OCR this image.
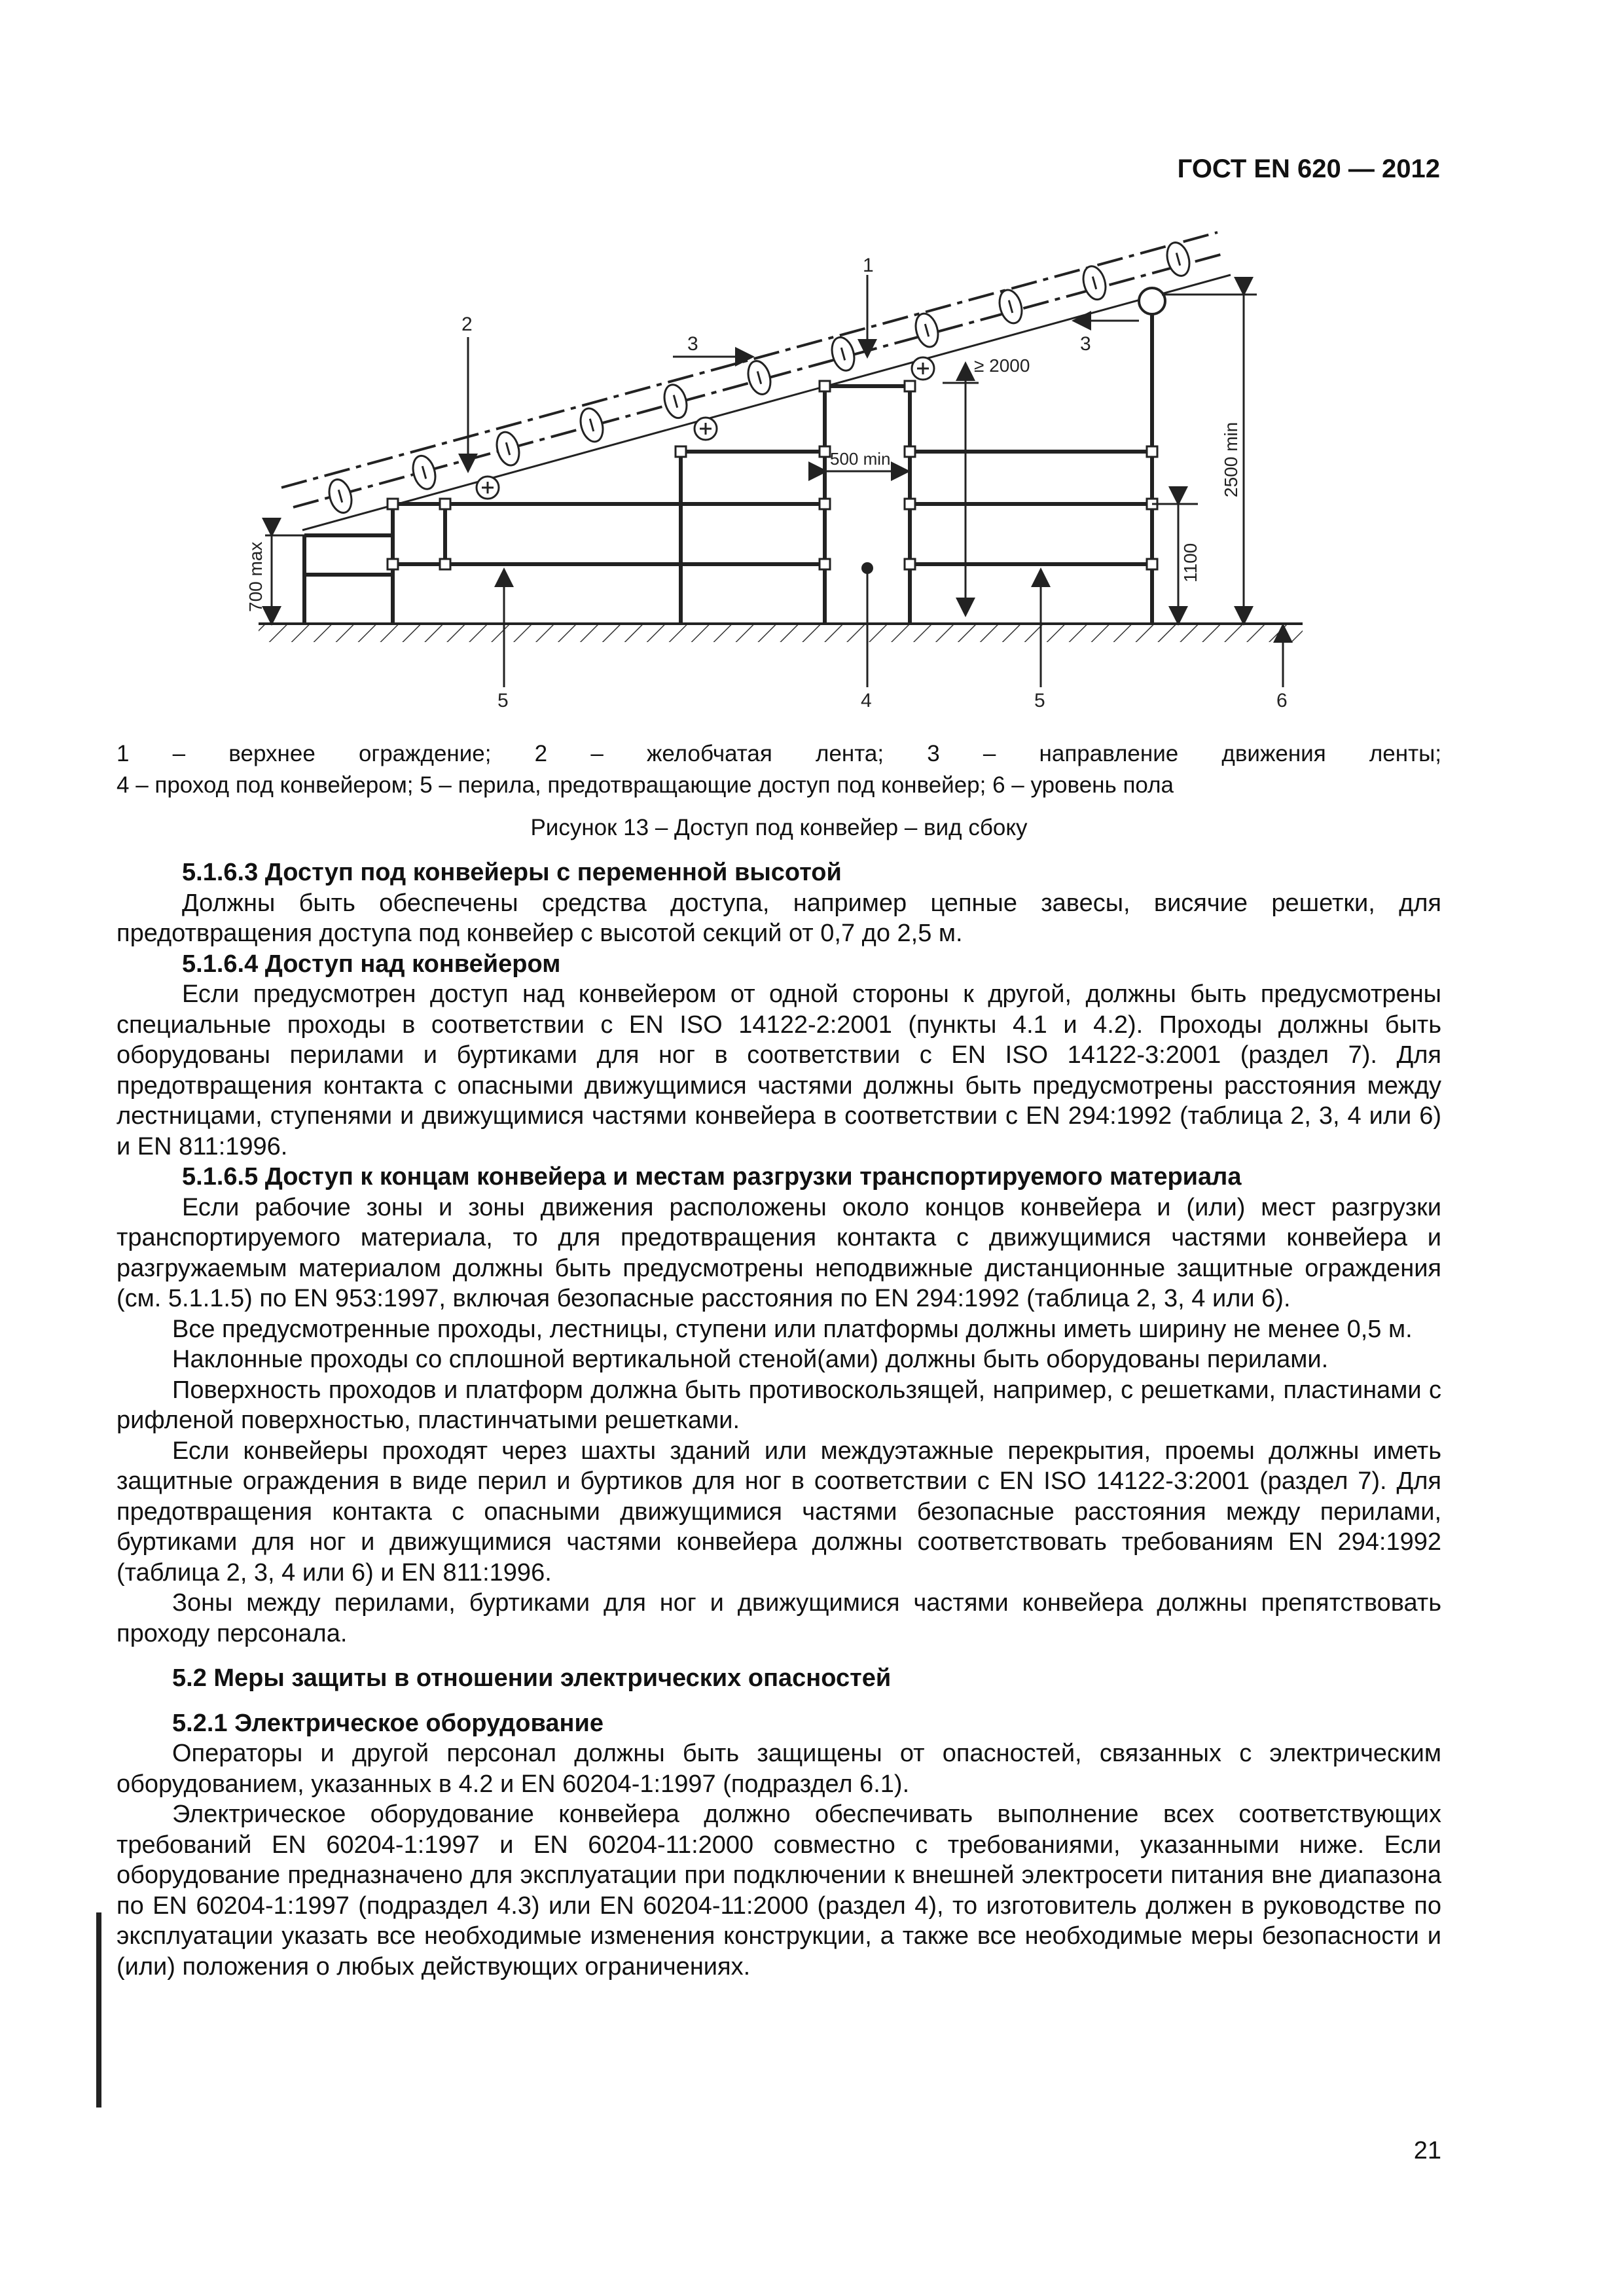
ГОСТ EN 620 — 2012
1
2
3	3
4
5	5	6
700 max
500 min
≥ 2000
1100
2500 min

1 – верхнее ограждение; 2 – желобчатая лента; 3 – направление движения ленты;

4 – проход под конвейером; 5 – перила, предотвращающие доступ под конвейер; 6 – уровень пола

Рисунок 13 – Доступ под конвейер – вид сбоку
5.1.6.3 Доступ под конвейеры с переменной высотой

Должны быть обеспечены средства доступа, например цепные завесы, висячие решетки, для предотвращения доступа под конвейер с высотой секций от 0,7 до 2,5 м.

5.1.6.4 Доступ над конвейером

Если предусмотрен доступ над конвейером от одной стороны к другой, должны быть предусмотрены специальные проходы в соответствии с EN ISO 14122-2:2001 (пункты 4.1 и 4.2). Проходы должны быть оборудованы перилами и буртиками для ног в соответствии с EN ISO 14122-3:2001 (раздел 7). Для предотвращения контакта с опасными движущимися частями должны быть предусмотрены расстояния между лестницами, ступенями и движущимися частями конвейера в соответствии с EN 294:1992 (таблица 2, 3, 4 или 6) и EN 811:1996.

5.1.6.5 Доступ к концам конвейера и местам разгрузки транспортируемого материала

Если рабочие зоны и зоны движения расположены около концов конвейера и (или) мест разгрузки транспортируемого материала, то для предотвращения контакта с движущимися частями конвейера и разгружаемым материалом должны быть предусмотрены неподвижные дистанционные защитные ограждения (см. 5.1.1.5) по EN 953:1997, включая безопасные расстояния по EN 294:1992 (таблица 2, 3, 4 или 6).

Все предусмотренные проходы, лестницы, ступени или платформы должны иметь ширину не менее 0,5 м.

Наклонные проходы со сплошной вертикальной стеной(ами) должны быть оборудованы перилами.

Поверхность проходов и платформ должна быть противоскользящей, например, с решетками, пластинами с рифленой поверхностью, пластинчатыми решетками.

Если конвейеры проходят через шахты зданий или междуэтажные перекрытия, проемы должны иметь защитные ограждения в виде перил и буртиков для ног в соответствии с EN ISO 14122-3:2001 (раздел 7). Для предотвращения контакта с опасными движущимися частями безопасные расстояния между перилами, буртиками для ног и движущимися частями конвейера должны соответствовать требованиям EN 294:1992 (таблица 2, 3, 4 или 6) и EN 811:1996.

Зоны между перилами, буртиками для ног и движущимися частями конвейера должны препятствовать проходу персонала.

5.2 Меры защиты в отношении электрических опасностей
5.2.1 Электрическое оборудование

Операторы и другой персонал должны быть защищены от опасностей, связанных с электрическим оборудованием, указанных в 4.2 и EN 60204-1:1997 (подраздел 6.1).

Электрическое оборудование конвейера должно обеспечивать выполнение всех соответствующих требований EN 60204-1:1997 и EN 60204-11:2000 совместно с требованиями, указанными ниже. Если оборудование предназначено для эксплуатации при подключении к внешней электросети питания вне диапазона по EN 60204-1:1997 (подраздел 4.3) или EN 60204-11:2000 (раздел 4), то изготовитель должен в руководстве по эксплуатации указать все необходимые изменения конструкции, а также все необходимые меры безопасности и (или) положения о любых действующих ограничениях.

21
